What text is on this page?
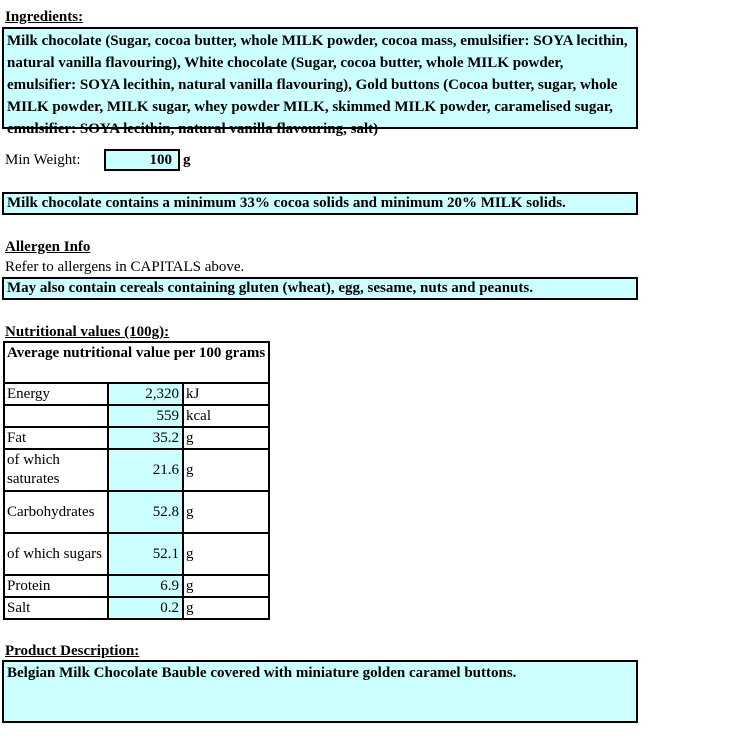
Ingredients:
Milk chocolate (Sugar, cocoa butter, whole MILK powder, cocoa mass, emulsifier: SOYA lecithin, natural vanilla flavouring), White chocolate (Sugar, cocoa butter, whole MILK powder, emulsifier: SOYA lecithin, natural vanilla flavouring), Gold buttons (Cocoa butter, sugar, whole MILK powder, MILK sugar, whey powder MILK, skimmed MILK powder, caramelised sugar, emulsifier: SOYA lecithin, natural vanilla flavouring, salt)
Min Weight:	100 g
Milk chocolate contains a minimum 33% cocoa solids and minimum 20% MILK solids.
Allergen Info
Refer to allergens in CAPITALS above.
May also contain cereals containing gluten (wheat), egg, sesame, nuts and peanuts.
Nutritional values (100g):
Average nutritional value per 100 grams		
Energy	2,320	kJ
	559	kcal
Fat	35.2	g
of which saturates	21.6	g
Carbohydrates	52.8	g
of which sugars	52.1	g
Protein	6.9	g
Salt	0.2	g
Product Description:
Belgian Milk Chocolate Bauble covered with miniature golden caramel buttons.
